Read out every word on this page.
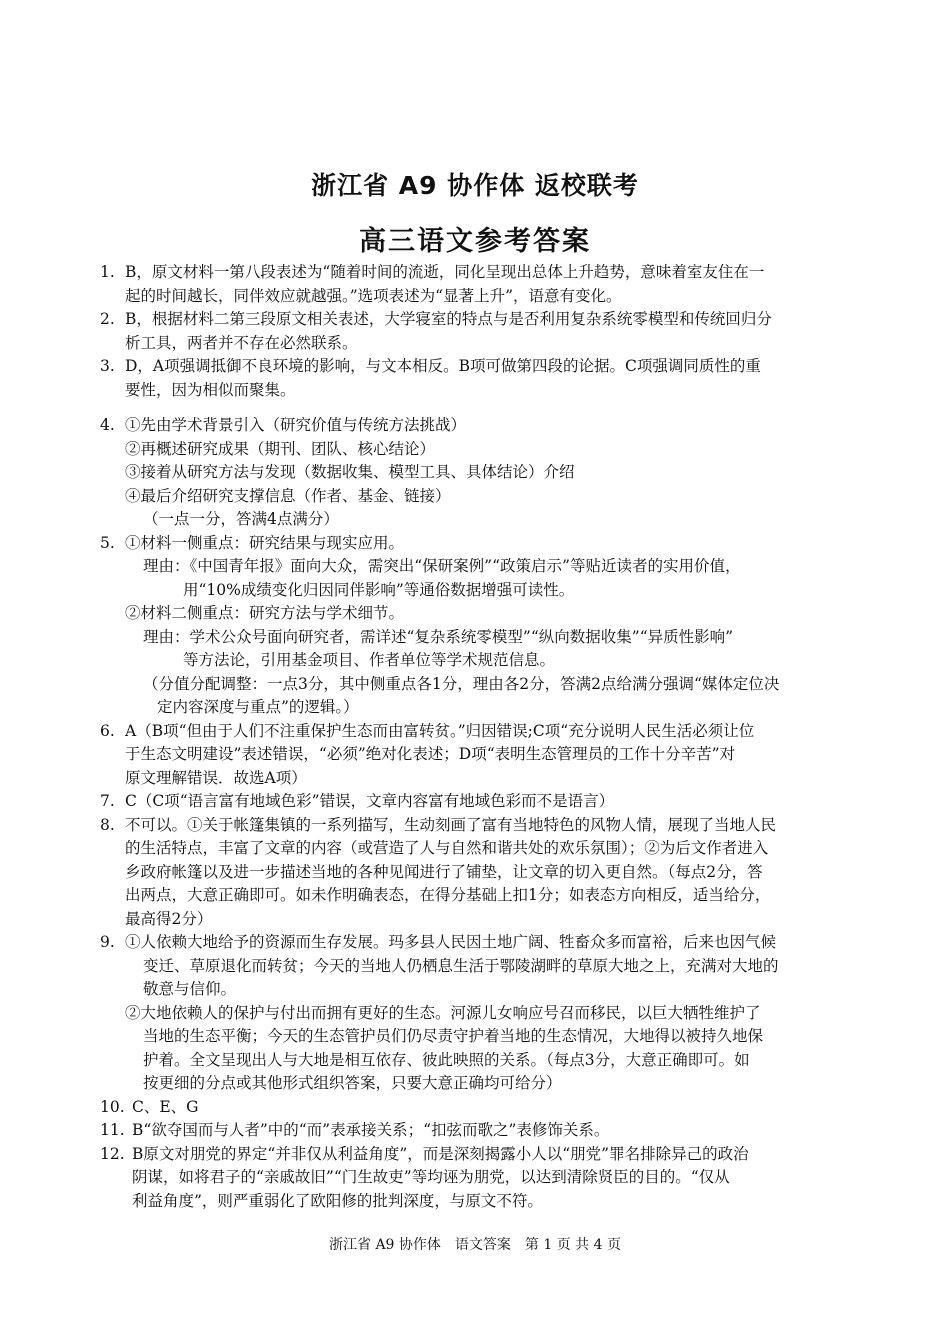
浙江省 A9 协作体 返校联考
高三语文参考答案
1. B，原文材料一第八段表述为“随着时间的流逝，同化呈现出总体上升趋势，意味着室友住在一
起的时间越长，同伴效应就越强。”选项表述为“显著上升”，语意有变化。
2. B，根据材料二第三段原文相关表述，大学寝室的特点与是否利用复杂系统零模型和传统回归分
析工具，两者并不存在必然联系。
3. D，A项强调抵御不良环境的影响，与文本相反。B项可做第四段的论据。C项强调同质性的重
要性，因为相似而聚集。
4. ①先由学术背景引入（研究价值与传统方法挑战）
②再概述研究成果（期刊、团队、核心结论）
③接着从研究方法与发现（数据收集、模型工具、具体结论）介绍
④最后介绍研究支撑信息（作者、基金、链接）
（一点一分，答满4点满分）
5. ①材料一侧重点：研究结果与现实应用。
理由：《中国青年报》面向大众，需突出“保研案例”“政策启示”等贴近读者的实用价值，
用“10%成绩变化归因同伴影响”等通俗数据增强可读性。
②材料二侧重点：研究方法与学术细节。
理由：学术公众号面向研究者，需详述“复杂系统零模型”“纵向数据收集”“异质性影响”
等方法论，引用基金项目、作者单位等学术规范信息。
（分值分配调整：一点3分，其中侧重点各1分，理由各2分，答满2点给满分强调“媒体定位决
定内容深度与重点”的逻辑。）
6. A（B项“但由于人们不注重保护生态而由富转贫。”归因错误;C项“充分说明人民生活必须让位
于生态文明建设”表述错误，“必须”绝对化表述；D项“表明生态管理员的工作十分辛苦”对
原文理解错误．故选A项）
7. C（C项“语言富有地域色彩”错误，文章内容富有地域色彩而不是语言）
8. 不可以。①关于帐篷集镇的一系列描写，生动刻画了富有当地特色的风物人情，展现了当地人民
的生活特点，丰富了文章的内容（或营造了人与自然和谐共处的欢乐氛围）；②为后文作者进入
乡政府帐篷以及进一步描述当地的各种见闻进行了铺垫，让文章的切入更自然。（每点2分，答
出两点，大意正确即可。如未作明确表态，在得分基础上扣1分；如表态方向相反，适当给分，
最高得2分）
9. ①人依赖大地给予的资源而生存发展。玛多县人民因土地广阔、牲畜众多而富裕，后来也因气候
变迁、草原退化而转贫；今天的当地人仍栖息生活于鄂陵湖畔的草原大地之上，充满对大地的
敬意与信仰。
②大地依赖人的保护与付出而拥有更好的生态。河源儿女响应号召而移民，以巨大牺牲维护了
当地的生态平衡；今天的生态管护员们仍尽责守护着当地的生态情况，大地得以被持久地保
护着。全文呈现出人与大地是相互依存、彼此映照的关系。（每点3分，大意正确即可。如
按更细的分点或其他形式组织答案，只要大意正确均可给分）
10. C、E、G
11. B“欲夺国而与人者”中的“而”表承接关系；“扣弦而歌之”表修饰关系。
12. B原文对朋党的界定“并非仅从利益角度”，而是深刻揭露小人以“朋党”罪名排除异己的政治
阴谋，如将君子的“亲戚故旧”“门生故吏”等均诬为朋党，以达到清除贤臣的目的。“仅从
利益角度”，则严重弱化了欧阳修的批判深度，与原文不符。
浙江省 A9 协作体　语文答案　第 1 页 共 4 页
